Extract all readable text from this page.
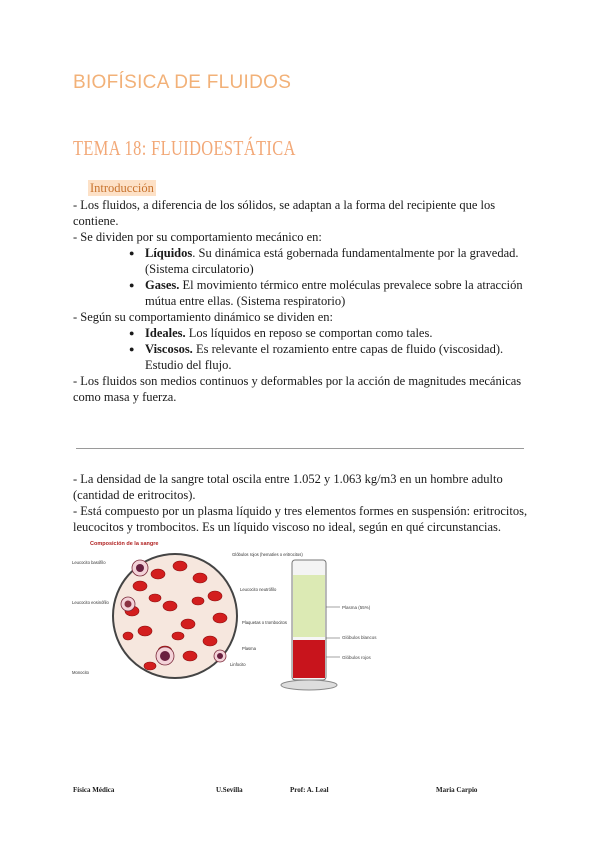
BIOFÍSICA DE FLUIDOS
TEMA 18: FLUIDOESTÁTICA
Introducción
- Los fluidos, a diferencia de los sólidos, se adaptan a la forma del recipiente que los contiene.
- Se dividen por su comportamiento mecánico en:
● Líquidos. Su dinámica está gobernada fundamentalmente por la gravedad. (Sistema circulatorio)
● Gases. El movimiento térmico entre moléculas prevalece sobre la atracción mútua entre ellas. (Sistema respiratorio)
- Según su comportamiento dinámico se dividen en:
● Ideales. Los líquidos en reposo se comportan como tales.
● Viscosos. Es relevante el rozamiento entre capas de fluido (viscosidad). Estudio del flujo.
- Los fluidos son medios continuos y deformables por la acción de magnitudes mecánicas como masa y fuerza.
- La densidad de la sangre total oscila entre 1.052 y 1.063 kg/m3 en un hombre adulto (cantidad de eritrocitos).
- Está compuesto por un plasma líquido y tres elementos formes en suspensión: eritrocitos, leucocitos y trombocitos. Es un líquido viscoso no ideal, según en qué circunstancias.
Composición de la sangre
Leucocito basófilo
Leucocito eosinófilo
Monocito
Glóbulos rojos (hematíes o eritrocitos)
Leucocito neutrófilo
Plaquetas o trombocitos
Plasma
Linfocito
Plasma (55%)
Glóbulos blancos
Glóbulos rojos
Física Médica	U.Sevilla	Prof: A. Leal	Maria Carpio
